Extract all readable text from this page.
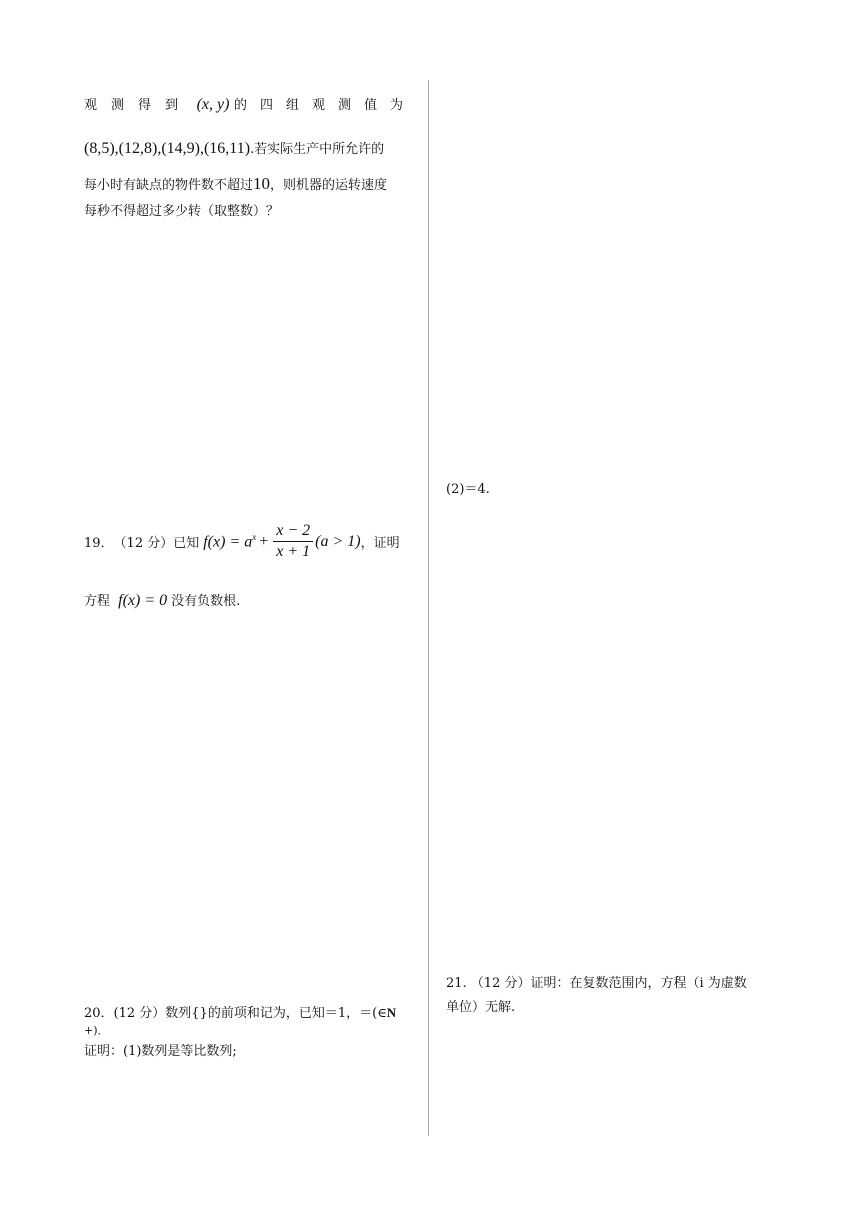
观测得到 (x, y) 的四组观测值为
(8,5),(12,8),(14,9),(16,11).若实际生产中所允许的
每小时有缺点的物件数不超过10，则机器的运转速度
每秒不得超过多少转（取整数）？
19． （12 分）已知 $f(x) = a^x + \frac{x - 2}{x + 1} (a > 1)$ ，证明
方程 f(x) = 0 没有负数根.
20．(12 分）数列{}的前项和记为，已知＝1，＝(∈N
+)．
证明：(1)数列是等比数列;
(2)＝4.
21. （12 分）证明：在复数范围内，方程（i 为虚数
单位）无解.
